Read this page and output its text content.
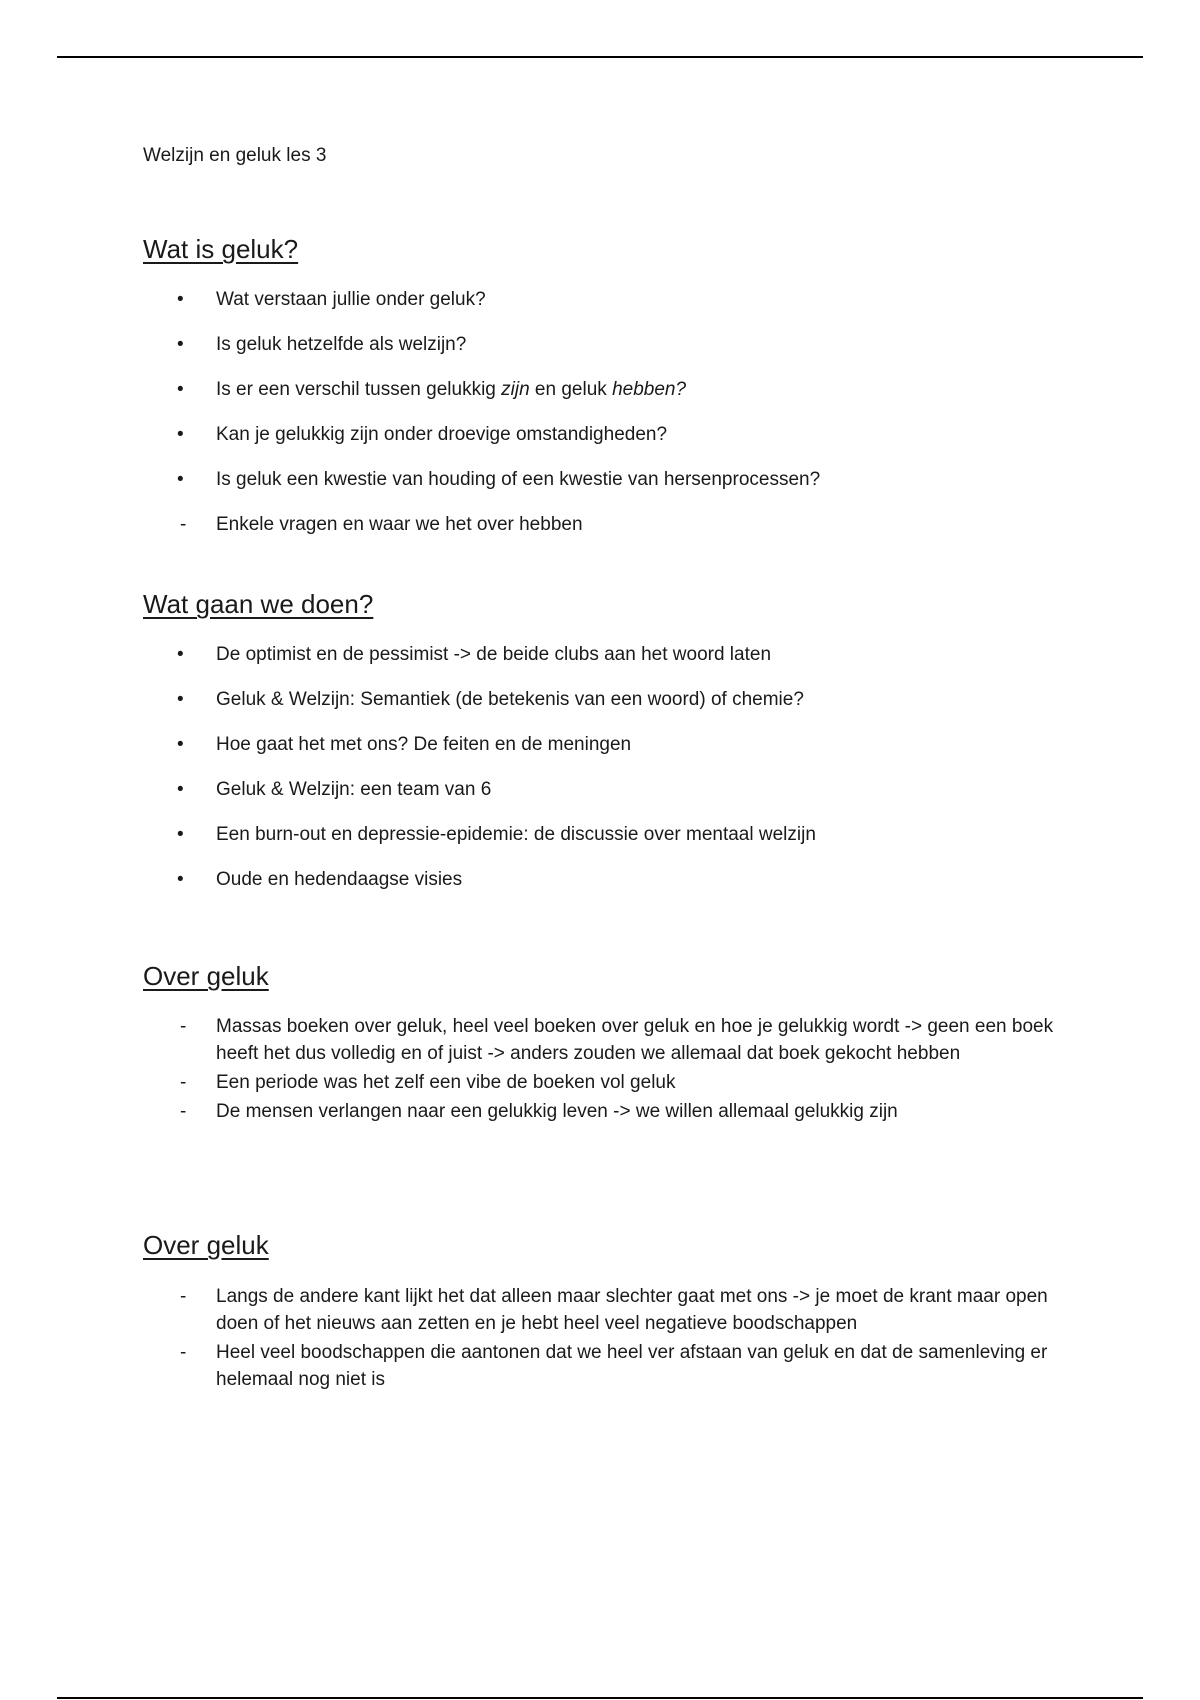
Welzijn en geluk les 3
Wat is geluk?
•
Wat verstaan jullie onder geluk?
•
Is geluk hetzelfde als welzijn?
•
Is er een verschil tussen gelukkig zijn en geluk hebben?
•
Kan je gelukkig zijn onder droevige omstandigheden?
•
Is geluk een kwestie van houding of een kwestie van hersenprocessen?
-
Enkele vragen en waar we het over hebben
Wat gaan we doen?
•
De optimist en de pessimist -> de beide clubs aan het woord laten
•
Geluk & Welzijn: Semantiek (de betekenis van een woord) of chemie?
•
Hoe gaat het met ons? De feiten en de meningen
•
Geluk & Welzijn: een team van 6
•
Een burn-out en depressie-epidemie: de discussie over mentaal welzijn
•
Oude en hedendaagse visies
Over geluk
-
Massas boeken over geluk, heel veel boeken over geluk en hoe je gelukkig wordt -> geen een boek heeft het dus volledig en of juist -> anders zouden we allemaal dat boek gekocht hebben
-
Een periode was het zelf een vibe de boeken vol geluk
-
De mensen verlangen naar een gelukkig leven -> we willen allemaal gelukkig zijn
Over geluk
-
Langs de andere kant lijkt het dat alleen maar slechter gaat met ons -> je moet de krant maar open doen of het nieuws aan zetten en je hebt heel veel negatieve boodschappen
-
Heel veel boodschappen die aantonen dat we heel ver afstaan van geluk en dat de samenleving er helemaal nog niet is
